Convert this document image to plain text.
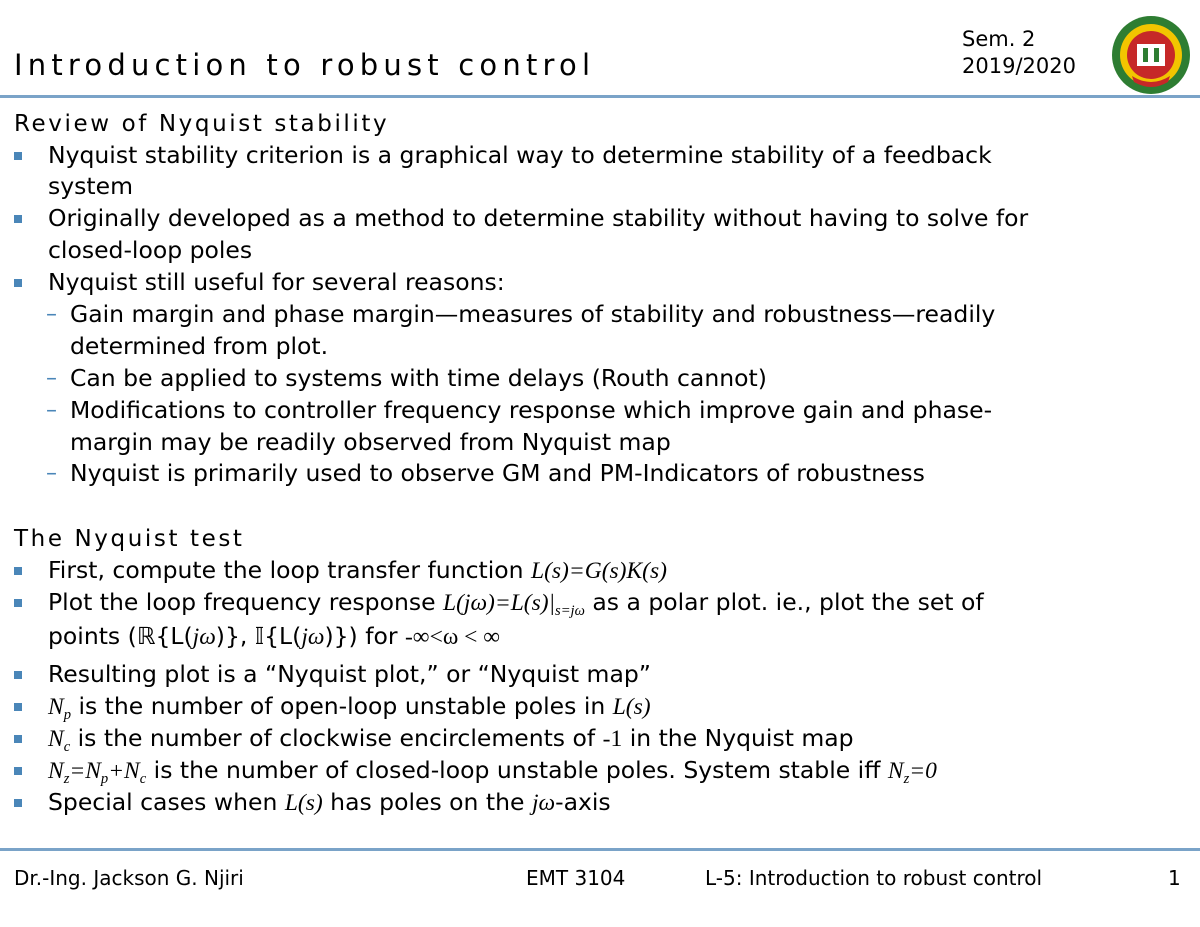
Introduction to robust control
Sem. 2
2019/2020
Review of Nyquist stability
Nyquist stability criterion is a graphical way to determine stability of a feedback
system
Originally developed as a method to determine stability without having to solve for
closed-loop poles
Nyquist still useful for several reasons:
– Gain margin and phase margin—measures of stability and robustness—readily
determined from plot.
– Can be applied to systems with time delays (Routh cannot)
– Modifications to controller frequency response which improve gain and phase-
margin may be readily observed from Nyquist map
– Nyquist is primarily used to observe GM and PM-Indicators of robustness
The Nyquist test
First, compute the loop transfer function L(s)=G(s)K(s)
Plot the loop frequency response $L(j\omega)=L(s)|_{s=j\omega}$ as a polar plot. ie., plot the set of
points (ℝ{L(jω)}, 𝕀{L(jω)}) for -∞<ω < ∞
Resulting plot is a “Nyquist plot,” or “Nyquist map”
$N_p$ is the number of open-loop unstable poles in L(s)
$N_c$ is the number of clockwise encirclements of -1 in the Nyquist map
$N_z=N_p+N_c$ is the number of closed-loop unstable poles. System stable iff $N_z=0$
Special cases when L(s) has poles on the jω-axis
Dr.-Ing. Jackson G. Njiri	EMT 3104	L-5: Introduction to robust control	1
